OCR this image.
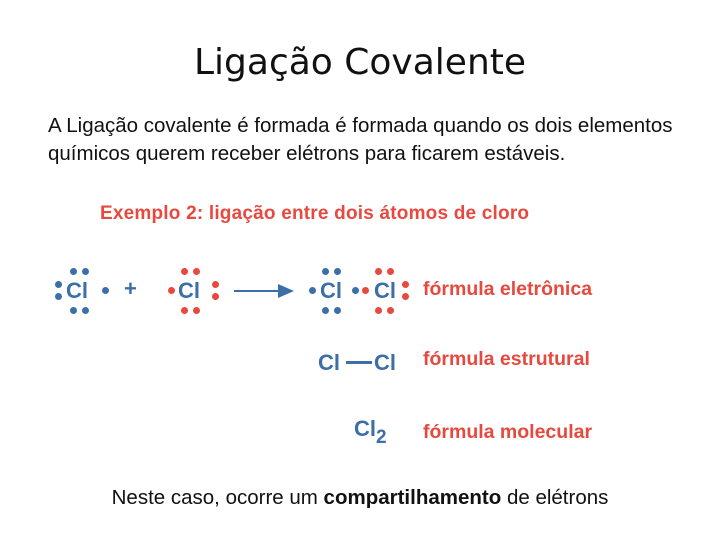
Ligação Covalente
A Ligação covalente é formada é formada quando os dois elementos químicos querem receber elétrons para ficarem estáveis.
Exemplo 2: ligação entre dois átomos de cloro
Cl + Cl	Cl Cl fórmula eletrônica
Cl Cl fórmula estrutural
Cl2 fórmula molecular
Neste caso, ocorre um compartilhamento de elétrons
